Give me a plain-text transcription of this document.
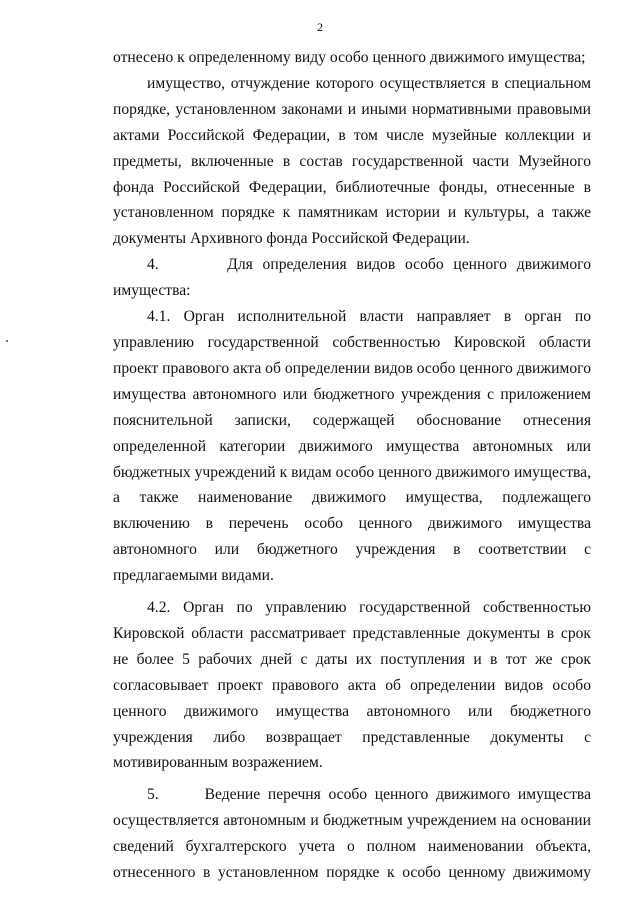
2

отнесено к определенному виду особо ценного движимого имущества;

имущество, отчуждение которого осуществляется в специальном порядке, установленном законами и иными нормативными правовыми актами Российской Федерации, в том числе музейные коллекции и предметы, включенные в состав государственной части Музейного фонда Российской Федерации, библиотечные фонды, отнесенные в установленном порядке к памятникам истории и культуры, а также документы Архивного фонда Российской Федерации.

4.       Для определения видов особо ценного движимого имущества:

4.1. Орган исполнительной власти направляет в орган по управлению государственной собственностью Кировской области проект правового акта об определении видов особо ценного движимого имущества автономного или бюджетного учреждения с приложением пояснительной записки, содержащей обоснование отнесения определенной категории движимого имущества автономных или бюджетных учреждений к видам особо ценного движимого имущества, а также наименование движимого имущества, подлежащего включению в перечень особо ценного движимого имущества автономного или бюджетного учреждения в соответствии с предлагаемыми видами.

4.2. Орган по управлению государственной собственностью Кировской области рассматривает представленные документы в срок не более 5 рабочих дней с даты их поступления и в тот же срок согласовывает проект правового акта об определении видов особо ценного движимого имущества автономного или бюджетного учреждения либо возвращает представленные документы с мотивированным возражением.

5.      Ведение перечня особо ценного движимого имущества осуществляется автономным и бюджетным учреждением на основании сведений бухгалтерского учета о полном наименовании объекта, отнесенного в установленном порядке к особо ценному движимому
